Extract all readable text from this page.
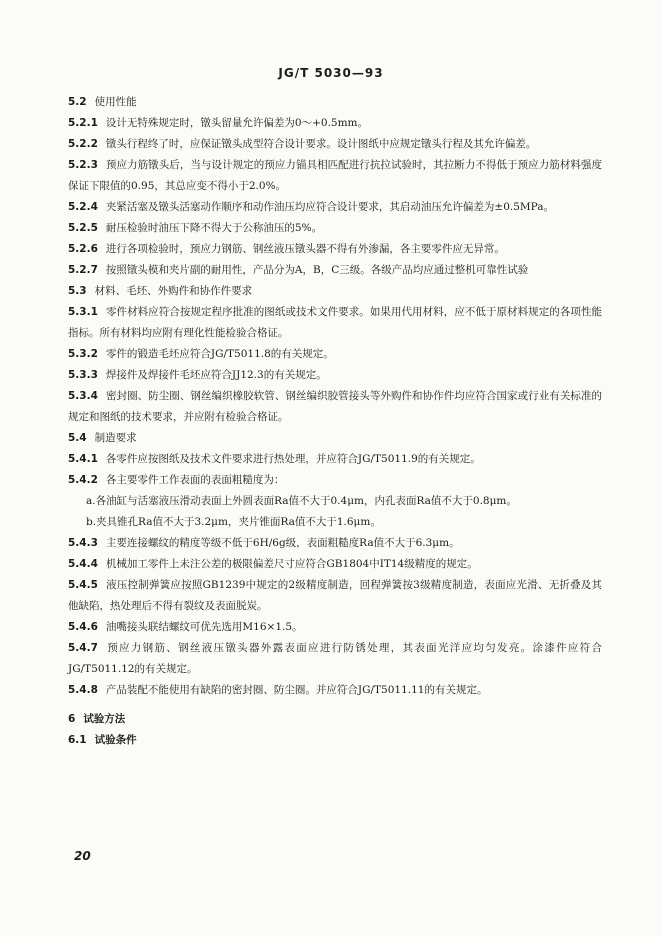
JG/T 5030—93

5.2 使用性能

5.2.1 设计无特殊规定时，镦头留量允许偏差为0～+0.5mm。

5.2.2 镦头行程终了时，应保证镦头成型符合设计要求。设计图纸中应规定镦头行程及其允许偏差。

5.2.3 预应力筋镦头后，当与设计规定的预应力锚具相匹配进行抗拉试验时，其拉断力不得低于预应力筋材料强度保证下限值的0.95，其总应变不得小于2.0%。

5.2.4 夹紧活塞及镦头活塞动作顺序和动作油压均应符合设计要求，其启动油压允许偏差为±0.5MPa。

5.2.5 耐压检验时油压下降不得大于公称油压的5%。

5.2.6 进行各项检验时，预应力钢筋、钢丝液压镦头器不得有外渗漏，各主要零件应无异常。

5.2.7 按照镦头模和夹片副的耐用性，产品分为A，B，C三级。各级产品均应通过整机可靠性试验

5.3 材料、毛坯、外购件和协作件要求

5.3.1 零件材料应符合按规定程序批准的图纸或技术文件要求。如果用代用材料，应不低于原材料规定的各项性能指标。所有材料均应附有理化性能检验合格证。

5.3.2 零件的锻造毛坯应符合JG/T5011.8的有关规定。

5.3.3 焊接件及焊接件毛坯应符合JJ12.3的有关规定。

5.3.4 密封圈、防尘圈、钢丝编织橡胶软管、钢丝编织胶管接头等外购件和协作件均应符合国家或行业有关标准的规定和图纸的技术要求，并应附有检验合格证。

5.4 制造要求

5.4.1 各零件应按图纸及技术文件要求进行热处理，并应符合JG/T5011.9的有关规定。

5.4.2 各主要零件工作表面的表面粗糙度为：

a.各油缸与活塞液压滑动表面上外圆表面Ra值不大于0.4μm，内孔表面Ra值不大于0.8μm。

b.夹具锥孔Ra值不大于3.2μm，夹片锥面Ra值不大于1.6μm。

5.4.3 主要连接螺纹的精度等级不低于6H/6g级，表面粗糙度Ra值不大于6.3μm。

5.4.4 机械加工零件上未注公差的极限偏差尺寸应符合GB1804中IT14级精度的规定。

5.4.5 液压控制弹簧应按照GB1239中规定的2级精度制造，回程弹簧按3级精度制造，表面应光滑、无折叠及其他缺陷，热处理后不得有裂纹及表面脱炭。

5.4.6 油嘴接头联结螺纹可优先选用M16×1.5。

5.4.7 预应力钢筋、钢丝液压镦头器外露表面应进行防锈处理，其表面光洋应均匀发亮。涂漆件应符合JG/T5011.12的有关规定。

5.4.8 产品装配不能使用有缺陷的密封圈、防尘圈。并应符合JG/T5011.11的有关规定。

6 试验方法

6.1 试验条件

20
